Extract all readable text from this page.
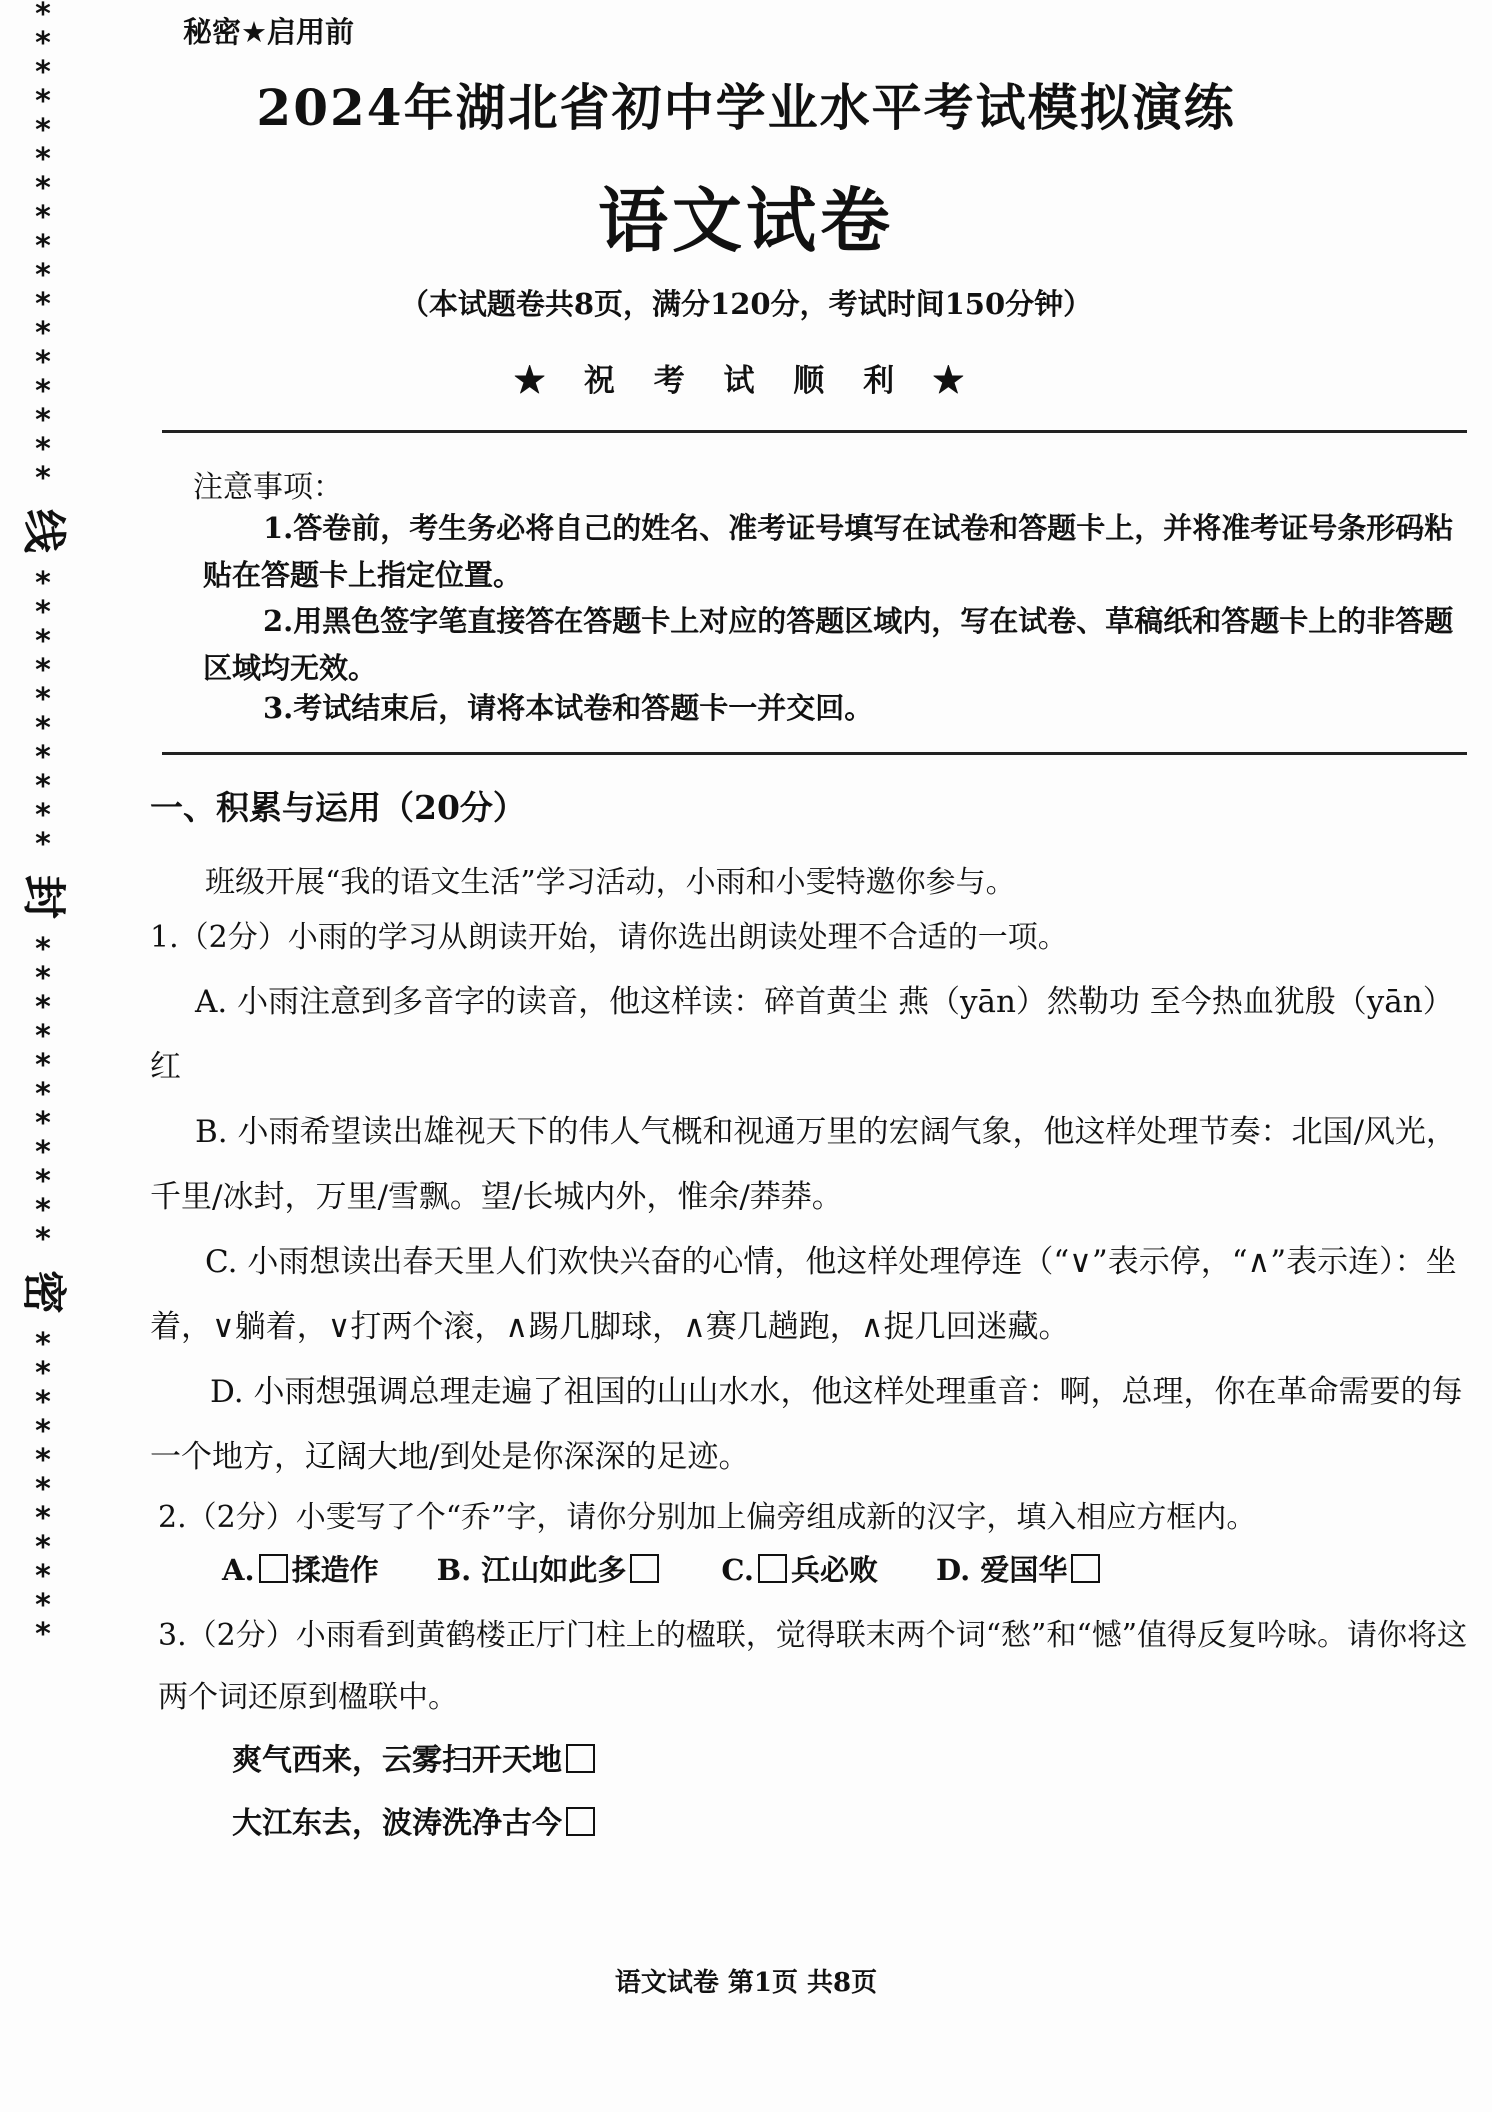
*
*
*
*
*
*
*
*
*
*
*
*
*
*
*
*
*
线
*
*
*
*
*
*
*
*
*
*
封
*
*
*
*
*
*
*
*
*
*
*
密
*
*
*
*
*
*
*
*
*
*
*
秘密★启用前
2024年湖北省初中学业水平考试模拟演练
语文试卷
（本试题卷共8页，满分120分，考试时间150分钟）
★ 祝 考 试 顺 利 ★
注意事项：
1.答卷前，考生务必将自己的姓名、准考证号填写在试卷和答题卡上，并将准考证号条形码粘贴在答题卡上指定位置。
2.用黑色签字笔直接答在答题卡上对应的答题区域内，写在试卷、草稿纸和答题卡上的非答题区域均无效。
3.考试结束后，请将本试卷和答题卡一并交回。
一、积累与运用（20分）
班级开展“我的语文生活”学习活动，小雨和小雯特邀你参与。
1.（2分）小雨的学习从朗读开始，请你选出朗读处理不合适的一项。
A. 小雨注意到多音字的读音，他这样读：碎首黄尘 燕（yān）然勒功 至今热血犹殷（yān）红
B. 小雨希望读出雄视天下的伟人气概和视通万里的宏阔气象，他这样处理节奏：北国/风光，千里/冰封，万里/雪飘。望/长城内外，惟余/莽莽。
C. 小雨想读出春天里人们欢快兴奋的心情，他这样处理停连（“∨”表示停，“∧”表示连）：坐着，∨躺着，∨打两个滚，∧踢几脚球，∧赛几趟跑，∧捉几回迷藏。
D. 小雨想强调总理走遍了祖国的山山水水，他这样处理重音：啊，总理，你在革命需要的每一个地方，辽阔大地/到处是你深深的足迹。
2.（2分）小雯写了个“乔”字，请你分别加上偏旁组成新的汉字，填入相应方框内。
A. 揉造作 B. 江山如此多	C. 兵必败 D. 爱国华
3.（2分）小雨看到黄鹤楼正厅门柱上的楹联，觉得联末两个词“愁”和“憾”值得反复吟咏。请你将这两个词还原到楹联中。
爽气西来，云雾扫开天地
大江东去，波涛洗净古今
语文试卷 第1页 共8页
